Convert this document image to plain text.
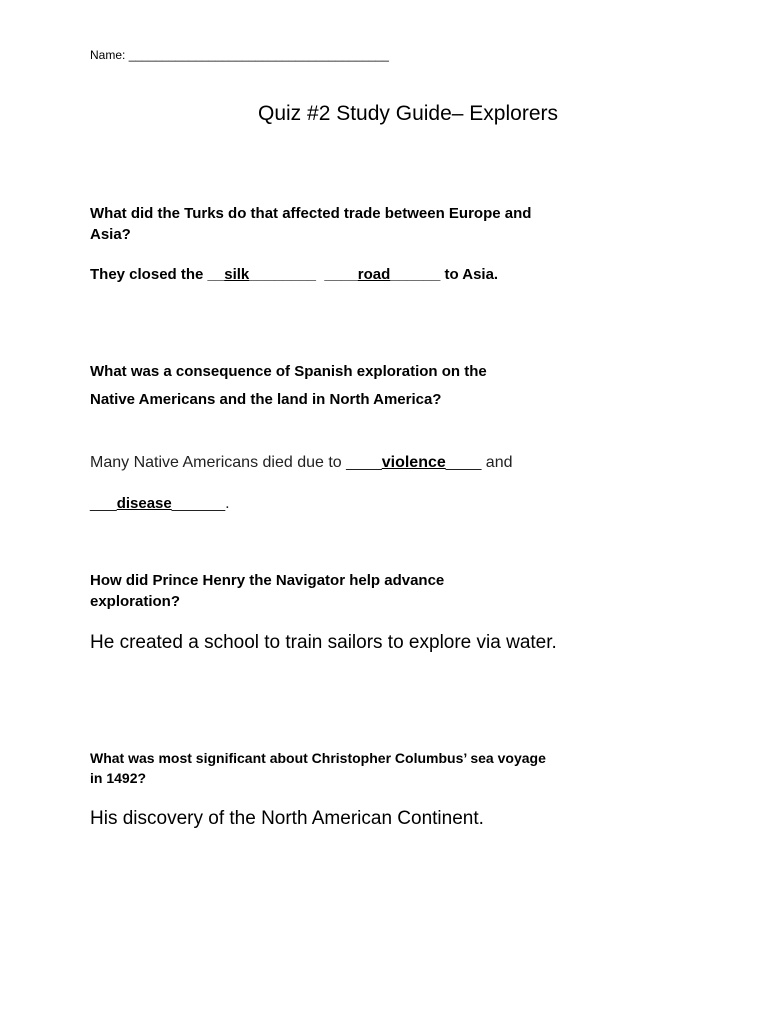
Name: _______________________________________
Quiz #2 Study Guide– Explorers
What did the Turks do that affected trade between Europe and
Asia?
They closed the __silk________ ____road______ to Asia.
What was a consequence of Spanish exploration on the
Native Americans and the land in North America?
Many Native Americans died due to ____violence____ and
___disease______.
How did Prince Henry the Navigator help advance
exploration?
He created a school to train sailors to explore via water.
What was most significant about Christopher Columbus’ sea voyage
in 1492?
His discovery of the North American Continent.
